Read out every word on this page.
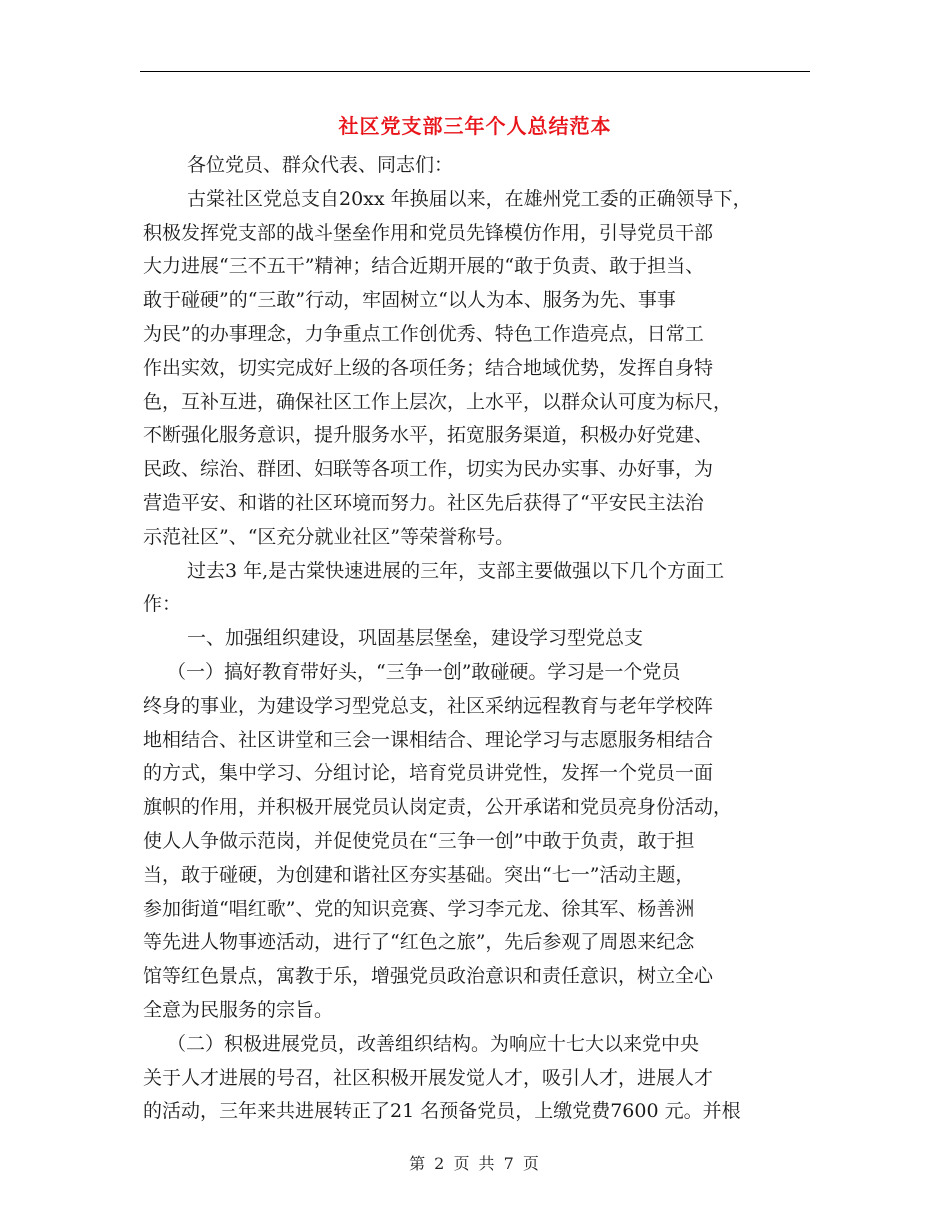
社区党支部三年个人总结范本
各位党员、群众代表、同志们：
古棠社区党总支自20xx 年换届以来，在雄州党工委的正确领导下，
积极发挥党支部的战斗堡垒作用和党员先锋模仿作用，引导党员干部
大力进展“三不五干”精神；结合近期开展的“敢于负责、敢于担当、
敢于碰硬”的“三敢”行动，牢固树立“以人为本、服务为先、事事
为民”的办事理念，力争重点工作创优秀、特色工作造亮点，日常工
作出实效，切实完成好上级的各项任务；结合地域优势，发挥自身特
色，互补互进，确保社区工作上层次，上水平，以群众认可度为标尺，
不断强化服务意识，提升服务水平，拓宽服务渠道，积极办好党建、
民政、综治、群团、妇联等各项工作，切实为民办实事、办好事，为
营造平安、和谐的社区环境而努力。社区先后获得了“平安民主法治
示范社区”、“区充分就业社区”等荣誉称号。
过去3 年,是古棠快速进展的三年，支部主要做强以下几个方面工
作：
一、加强组织建设，巩固基层堡垒，建设学习型党总支
（一）搞好教育带好头，“三争一创”敢碰硬。学习是一个党员
终身的事业，为建设学习型党总支，社区采纳远程教育与老年学校阵
地相结合、社区讲堂和三会一课相结合、理论学习与志愿服务相结合
的方式，集中学习、分组讨论，培育党员讲党性，发挥一个党员一面
旗帜的作用，并积极开展党员认岗定责，公开承诺和党员亮身份活动，
使人人争做示范岗，并促使党员在“三争一创”中敢于负责，敢于担
当，敢于碰硬，为创建和谐社区夯实基础。突出“七一”活动主题，
参加街道“唱红歌”、党的知识竞赛、学习李元龙、徐其军、杨善洲
等先进人物事迹活动，进行了“红色之旅”，先后参观了周恩来纪念
馆等红色景点，寓教于乐，增强党员政治意识和责任意识，树立全心
全意为民服务的宗旨。
（二）积极进展党员，改善组织结构。为响应十七大以来党中央
关于人才进展的号召，社区积极开展发觉人才，吸引人才，进展人才
的活动，三年来共进展转正了21 名预备党员，上缴党费7600 元。并根
第 2 页 共 7 页
